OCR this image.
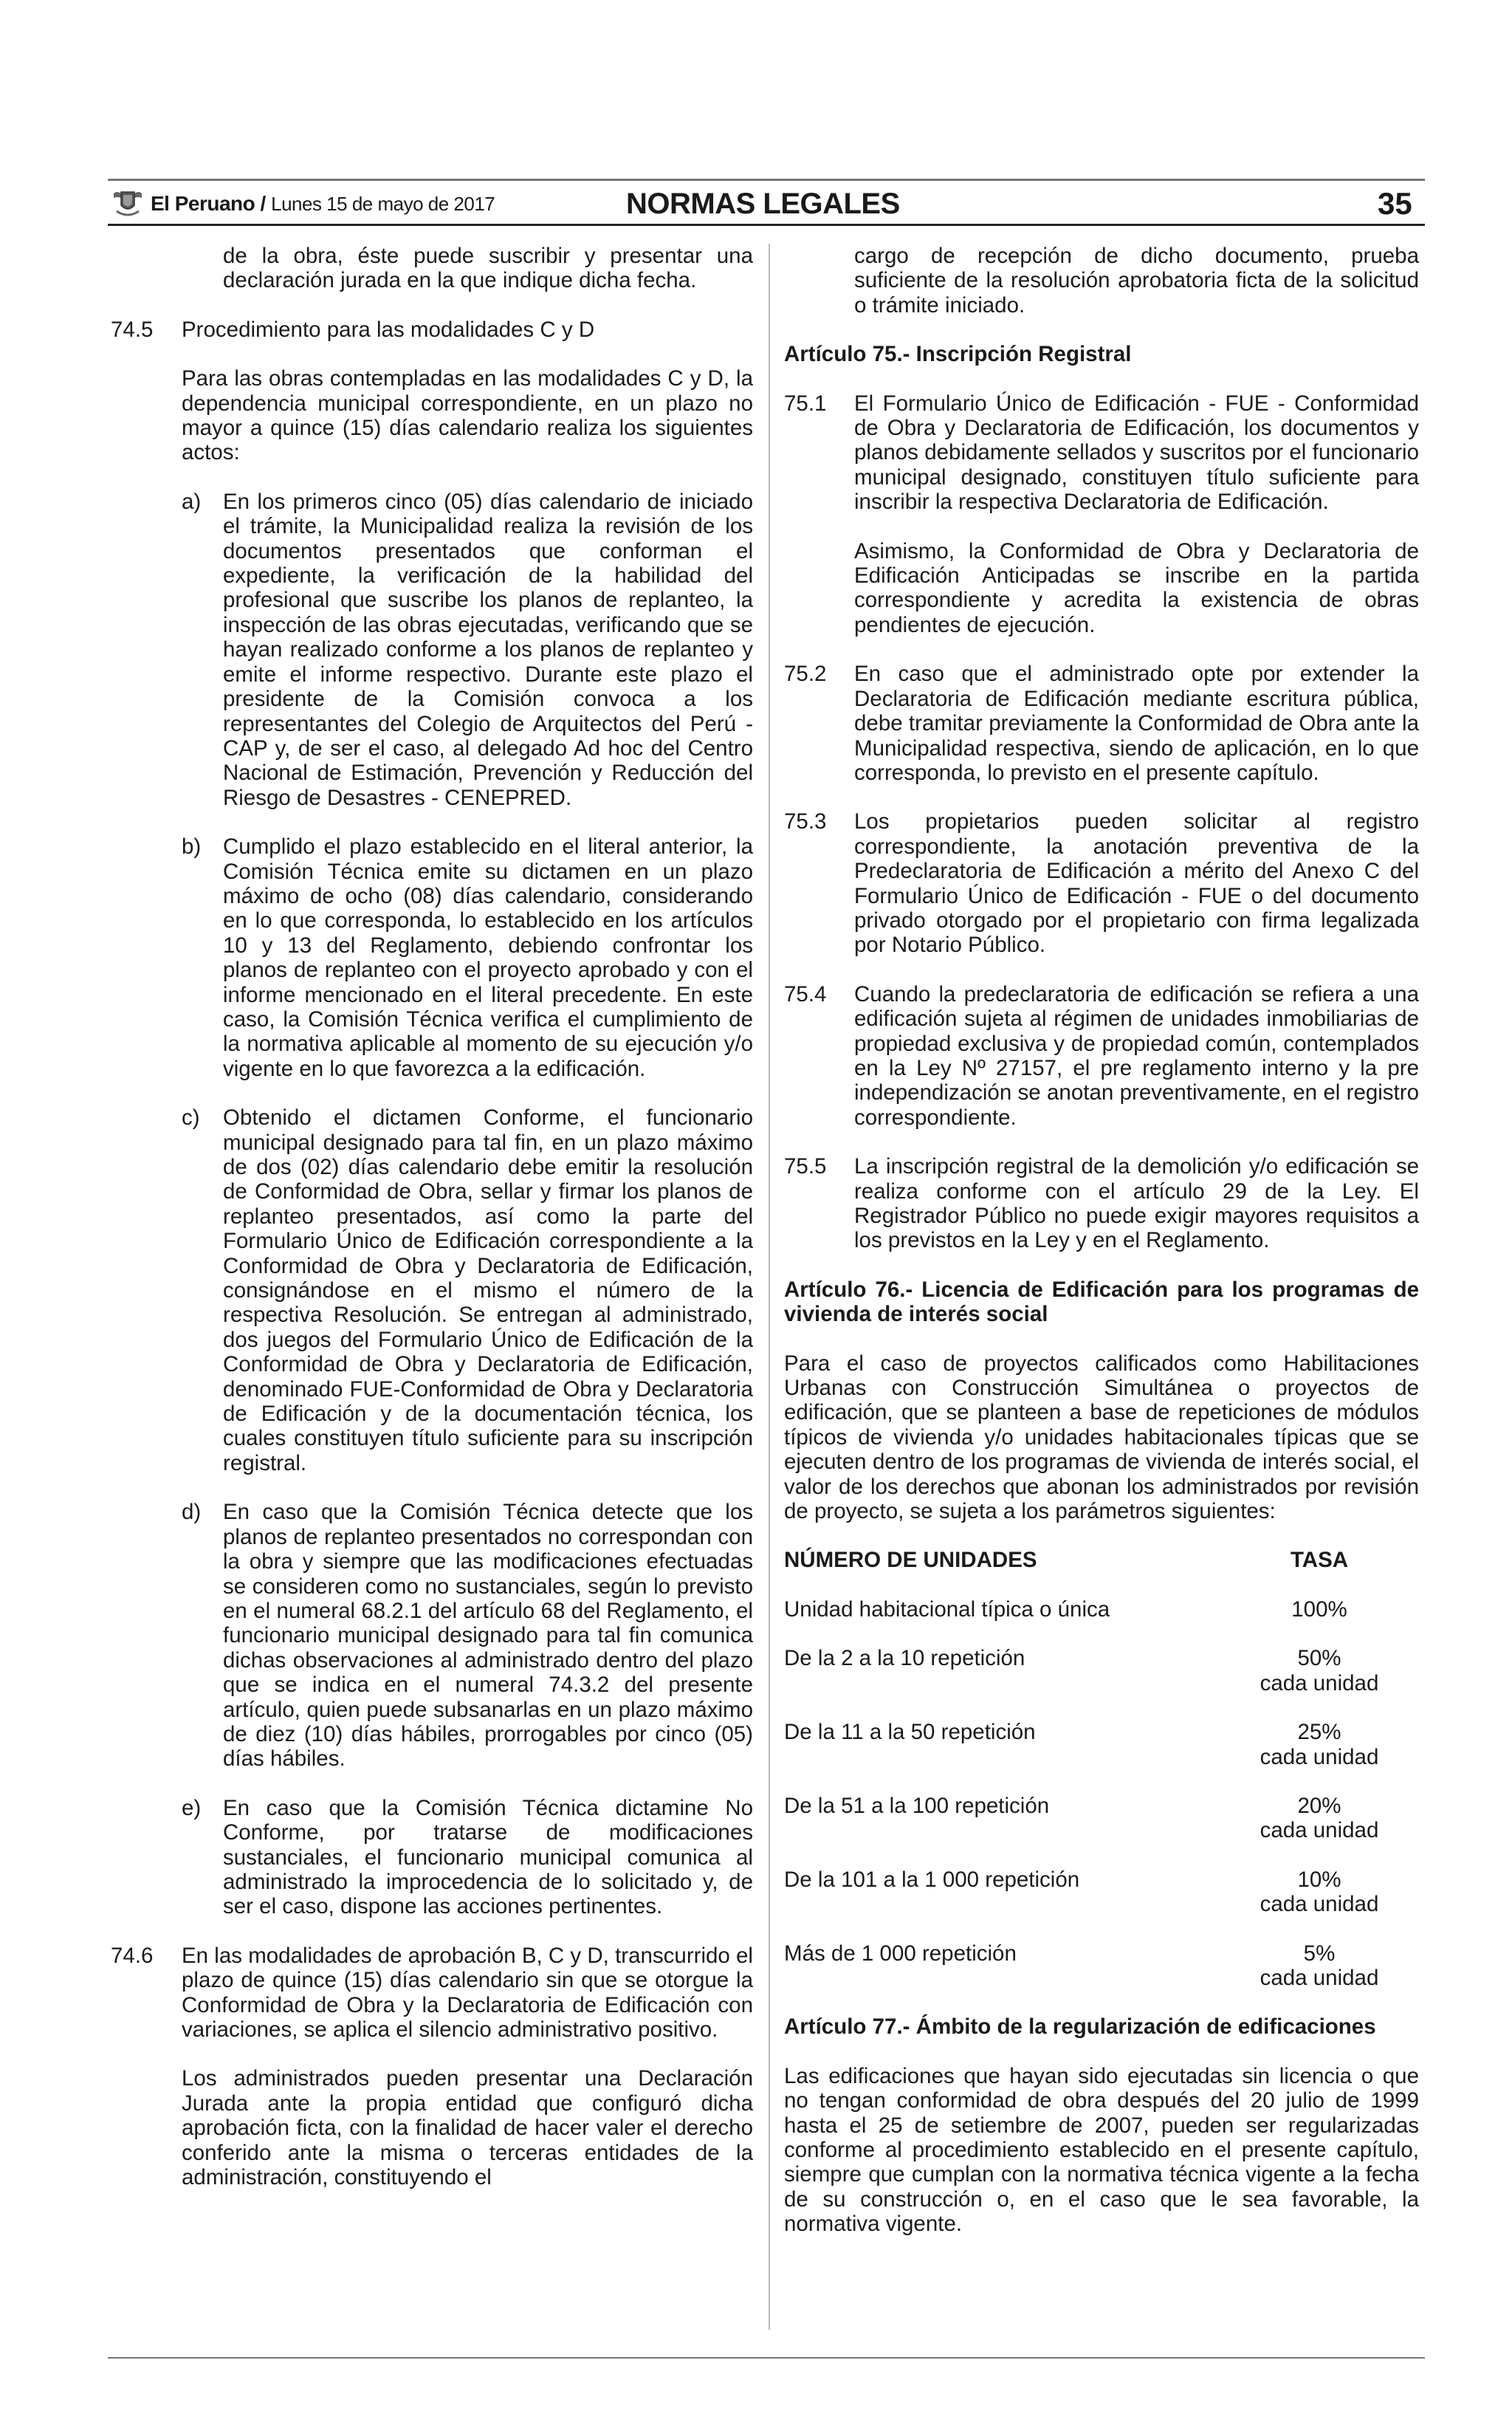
El Peruano / Lunes 15 de mayo de 2017	NORMAS LEGALES	35

de la obra, éste puede suscribir y presentar una declaración jurada en la que indique dicha fecha.

74.5	Procedimiento para las modalidades C y D

Para las obras contempladas en las modalidades C y D, la dependencia municipal correspondiente, en un plazo no mayor a quince (15) días calendario realiza los siguientes actos:

a)	En los primeros cinco (05) días calendario de iniciado el trámite, la Municipalidad realiza la revisión de los documentos presentados que conforman el expediente, la verificación de la habilidad del profesional que suscribe los planos de replanteo, la inspección de las obras ejecutadas, verificando que se hayan realizado conforme a los planos de replanteo y emite el informe respectivo. Durante este plazo el presidente de la Comisión convoca a los representantes del Colegio de Arquitectos del Perú - CAP y, de ser el caso, al delegado Ad hoc del Centro Nacional de Estimación, Prevención y Reducción del Riesgo de Desastres - CENEPRED.

b)	Cumplido el plazo establecido en el literal anterior, la Comisión Técnica emite su dictamen en un plazo máximo de ocho (08) días calendario, considerando en lo que corresponda, lo establecido en los artículos 10 y 13 del Reglamento, debiendo confrontar los planos de replanteo con el proyecto aprobado y con el informe mencionado en el literal precedente. En este caso, la Comisión Técnica verifica el cumplimiento de la normativa aplicable al momento de su ejecución y/o vigente en lo que favorezca a la edificación.

c)	Obtenido el dictamen Conforme, el funcionario municipal designado para tal fin, en un plazo máximo de dos (02) días calendario debe emitir la resolución de Conformidad de Obra, sellar y firmar los planos de replanteo presentados, así como la parte del Formulario Único de Edificación correspondiente a la Conformidad de Obra y Declaratoria de Edificación, consignándose en el mismo el número de la respectiva Resolución. Se entregan al administrado, dos juegos del Formulario Único de Edificación de la Conformidad de Obra y Declaratoria de Edificación, denominado FUE-Conformidad de Obra y Declaratoria de Edificación y de la documentación técnica, los cuales constituyen título suficiente para su inscripción registral.

d)	En caso que la Comisión Técnica detecte que los planos de replanteo presentados no correspondan con la obra y siempre que las modificaciones efectuadas se consideren como no sustanciales, según lo previsto en el numeral 68.2.1 del artículo 68 del Reglamento, el funcionario municipal designado para tal fin comunica dichas observaciones al administrado dentro del plazo que se indica en el numeral 74.3.2 del presente artículo, quien puede subsanarlas en un plazo máximo de diez (10) días hábiles, prorrogables por cinco (05) días hábiles.

e)	En caso que la Comisión Técnica dictamine No Conforme, por tratarse de modificaciones sustanciales, el funcionario municipal comunica al administrado la improcedencia de lo solicitado y, de ser el caso, dispone las acciones pertinentes.

74.6	En las modalidades de aprobación B, C y D, transcurrido el plazo de quince (15) días calendario sin que se otorgue la Conformidad de Obra y la Declaratoria de Edificación con variaciones, se aplica el silencio administrativo positivo.

Los administrados pueden presentar una Declaración Jurada ante la propia entidad que configuró dicha aprobación ficta, con la finalidad de hacer valer el derecho conferido ante la misma o terceras entidades de la administración, constituyendo el

cargo de recepción de dicho documento, prueba suficiente de la resolución aprobatoria ficta de la solicitud o trámite iniciado.

Artículo 75.- Inscripción Registral

75.1	El Formulario Único de Edificación - FUE - Conformidad de Obra y Declaratoria de Edificación, los documentos y planos debidamente sellados y suscritos por el funcionario municipal designado, constituyen título suficiente para inscribir la respectiva Declaratoria de Edificación.

Asimismo, la Conformidad de Obra y Declaratoria de Edificación Anticipadas se inscribe en la partida correspondiente y acredita la existencia de obras pendientes de ejecución.

75.2	En caso que el administrado opte por extender la Declaratoria de Edificación mediante escritura pública, debe tramitar previamente la Conformidad de Obra ante la Municipalidad respectiva, siendo de aplicación, en lo que corresponda, lo previsto en el presente capítulo.

75.3	Los propietarios pueden solicitar al registro correspondiente, la anotación preventiva de la Predeclaratoria de Edificación a mérito del Anexo C del Formulario Único de Edificación - FUE o del documento privado otorgado por el propietario con firma legalizada por Notario Público.

75.4	Cuando la predeclaratoria de edificación se refiera a una edificación sujeta al régimen de unidades inmobiliarias de propiedad exclusiva y de propiedad común, contemplados en la Ley Nº 27157, el pre reglamento interno y la pre independización se anotan preventivamente, en el registro correspondiente.

75.5	La inscripción registral de la demolición y/o edificación se realiza conforme con el artículo 29 de la Ley. El Registrador Público no puede exigir mayores requisitos a los previstos en la Ley y en el Reglamento.

Artículo 76.- Licencia de Edificación para los programas de vivienda de interés social

Para el caso de proyectos calificados como Habilitaciones Urbanas con Construcción Simultánea o proyectos de edificación, que se planteen a base de repeticiones de módulos típicos de vivienda y/o unidades habitacionales típicas que se ejecuten dentro de los programas de vivienda de interés social, el valor de los derechos que abonan los administrados por revisión de proyecto, se sujeta a los parámetros siguientes:

NÚMERO DE UNIDADES	TASA

Unidad habitacional típica o única	100%

De la 2 a la 10 repetición	50%
cada unidad

De la 11 a la 50 repetición	25%
cada unidad

De la 51 a la 100 repetición	20%
cada unidad

De la 101 a la 1 000 repetición	10%
cada unidad

Más de 1 000 repetición	5%
cada unidad

Artículo 77.- Ámbito de la regularización de edificaciones

Las edificaciones que hayan sido ejecutadas sin licencia o que no tengan conformidad de obra después del 20 julio de 1999 hasta el 25 de setiembre de 2007, pueden ser regularizadas conforme al procedimiento establecido en el presente capítulo, siempre que cumplan con la normativa técnica vigente a la fecha de su construcción o, en el caso que le sea favorable, la normativa vigente.
